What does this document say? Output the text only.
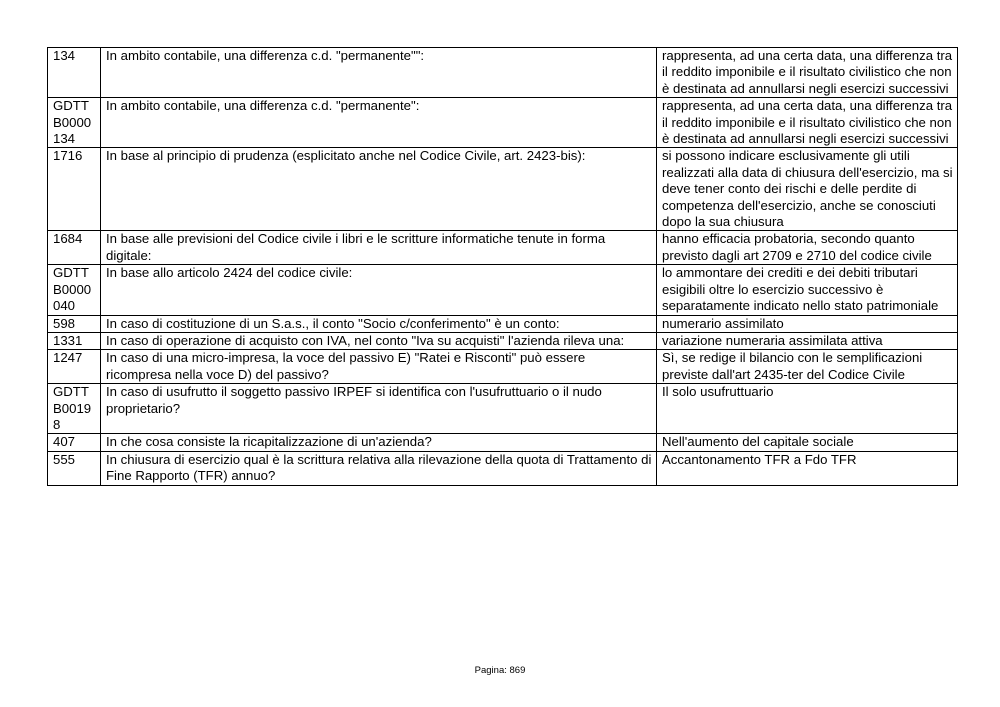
134	In ambito contabile, una differenza c.d. "permanente"":	rappresenta, ad una certa data, una differenza tra il reddito imponibile e il risultato civilistico che non è destinata ad annullarsi negli esercizi successivi
GDTTB0000134	In ambito contabile, una differenza c.d. "permanente":	rappresenta, ad una certa data, una differenza tra il reddito imponibile e il risultato civilistico che non è destinata ad annullarsi negli esercizi successivi
1716	In base al principio di prudenza (esplicitato anche nel Codice Civile, art. 2423-bis):	si possono indicare esclusivamente gli utili realizzati alla data di chiusura dell'esercizio, ma si deve tener conto dei rischi e delle perdite di competenza dell'esercizio, anche se conosciuti dopo la sua chiusura
1684	In base alle previsioni del Codice civile i libri e le scritture informatiche tenute in forma digitale:	hanno efficacia probatoria, secondo quanto previsto dagli art 2709 e 2710 del codice civile
GDTTB0000040	In base allo articolo 2424 del codice civile:	lo ammontare dei crediti e dei debiti tributari esigibili oltre lo esercizio successivo è separatamente indicato nello stato patrimoniale
598	In caso di costituzione di un S.a.s., il conto "Socio c/conferimento" è un conto:	numerario assimilato
1331	In caso di operazione di acquisto con IVA, nel conto "Iva su acquisti" l'azienda rileva una:	variazione numeraria assimilata attiva
1247	In caso di una micro-impresa, la voce del passivo E) "Ratei e Risconti" può essere ricompresa nella voce D) del passivo?	Sì, se redige il bilancio con le semplificazioni previste dall'art 2435-ter del Codice Civile
GDTTB00198	In caso di usufrutto il soggetto passivo IRPEF si identifica con l'usufruttuario o il nudo proprietario?	Il solo usufruttuario
407	In che cosa consiste la ricapitalizzazione di un'azienda?	Nell'aumento del capitale sociale
555	In chiusura di esercizio qual è la scrittura relativa alla rilevazione della quota di Trattamento di Fine Rapporto (TFR) annuo?	Accantonamento TFR a Fdo TFR
Pagina: 869
